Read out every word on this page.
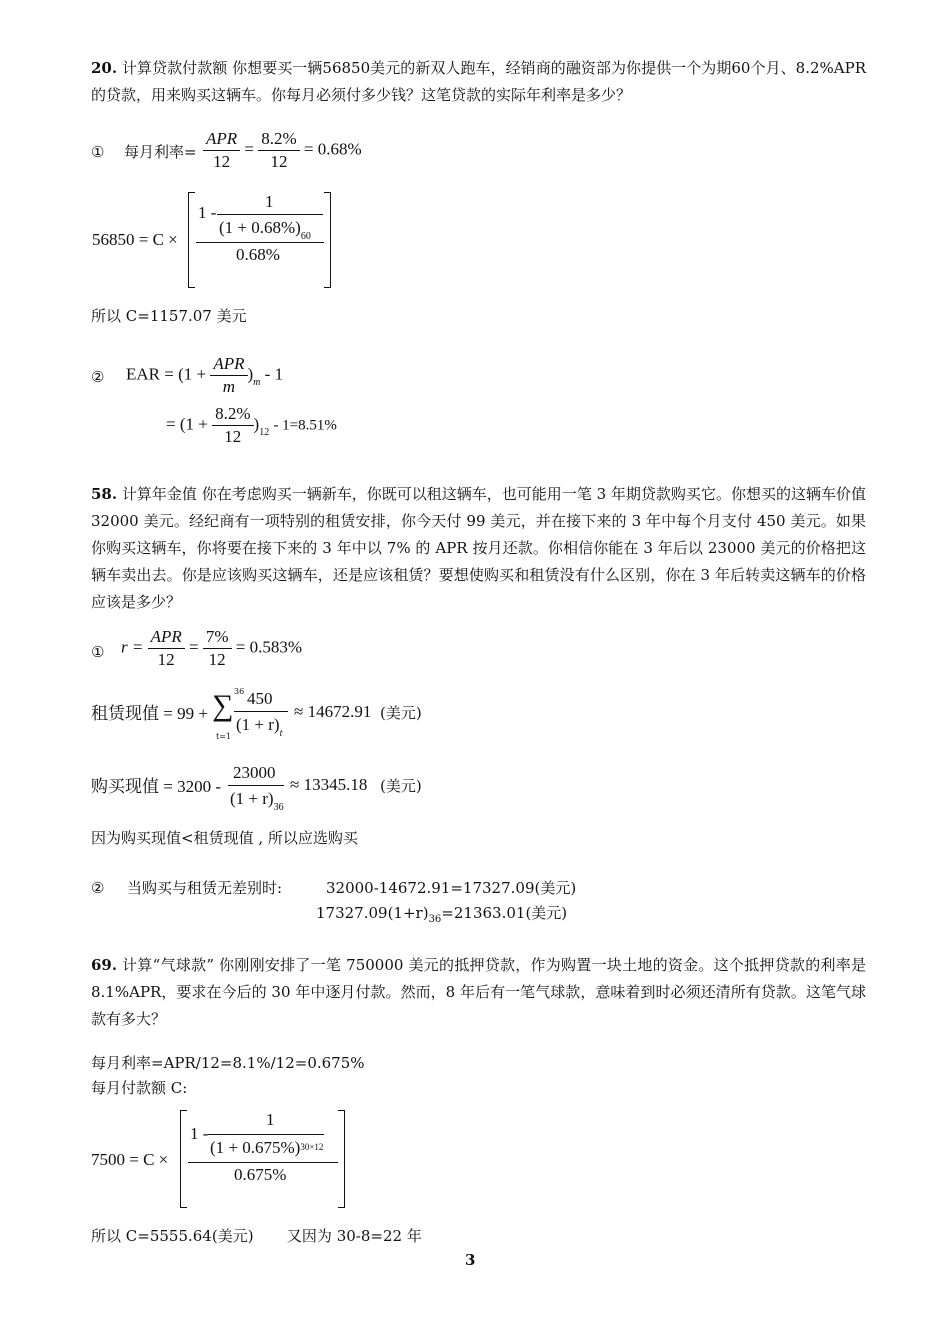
20. 计算贷款付款额 你想要买一辆56850美元的新双人跑车，经销商的融资部为你提供一个为期60个月、8.2%APR 的贷款，用来购买这辆车。你每月必须付多少钱？这笔贷款的实际年利率是多少？
① 每月利率= $\frac{\text{APR}}{12} = \frac{8.2\%}{12} = 0.68\%$
56850 = C ×
1 -
1
$(1 + 0.68\%)_{60}$
0.68%
所以 C=1157.07 美元
② EAR = $(1 + \frac{\text{APR}}{m} )_m - 1$
= $(1 + \frac{8.2\%}{12} )_{12} - 1=8.51\%$
58. 计算年金值 你在考虑购买一辆新车，你既可以租这辆车，也可能用一笔 3 年期贷款购买它。你想买的这辆车价值 32000 美元。经纪商有一项特别的租赁安排，你今天付 99 美元，并在接下来的 3 年中每个月支付 450 美元。如果你购买这辆车，你将要在接下来的 3 年中以 7% 的 APR 按月还款。你相信你能在 3 年后以 23000 美元的价格把这辆车卖出去。你是应该购买这辆车，还是应该租赁？要想使购买和租赁没有什么区别，你在 3 年后转卖这辆车的价格应该是多少？
① $r = \frac{\text{APR}}{12} = \frac{7\%}{12} = 0.583\%$
租赁现值 = 99 + ∑ 36
t=1
450
$(1 + r)_t$
≈ 14672.91 (美元)
购买现值 = 3200 -
23000
$(1 + r)_{36}$
≈ 13345.18 (美元)
因为购买现值<租赁现值 , 所以应选购买
② 当购买与租赁无差别时:	32000-14672.91=17327.09(美元)
$17327.09(1+r)_{36}=21363.01$(美元)
69. 计算“气球款” 你刚刚安排了一笔 750000 美元的抵押贷款，作为购置一块土地的资金。这个抵押贷款的利率是 8.1%APR，要求在今后的 30 年中逐月付款。然而，8 年后有一笔气球款，意味着到时必须还清所有贷款。这笔气球款有多大？
每月利率=APR/12=8.1%/12=0.675%
每月付款额 C:
7500 = C ×
1 -
1
(1 + 0.675%)30×12
0.675%
所以 C=5555.64(美元)       又因为 30-8=22 年
3
